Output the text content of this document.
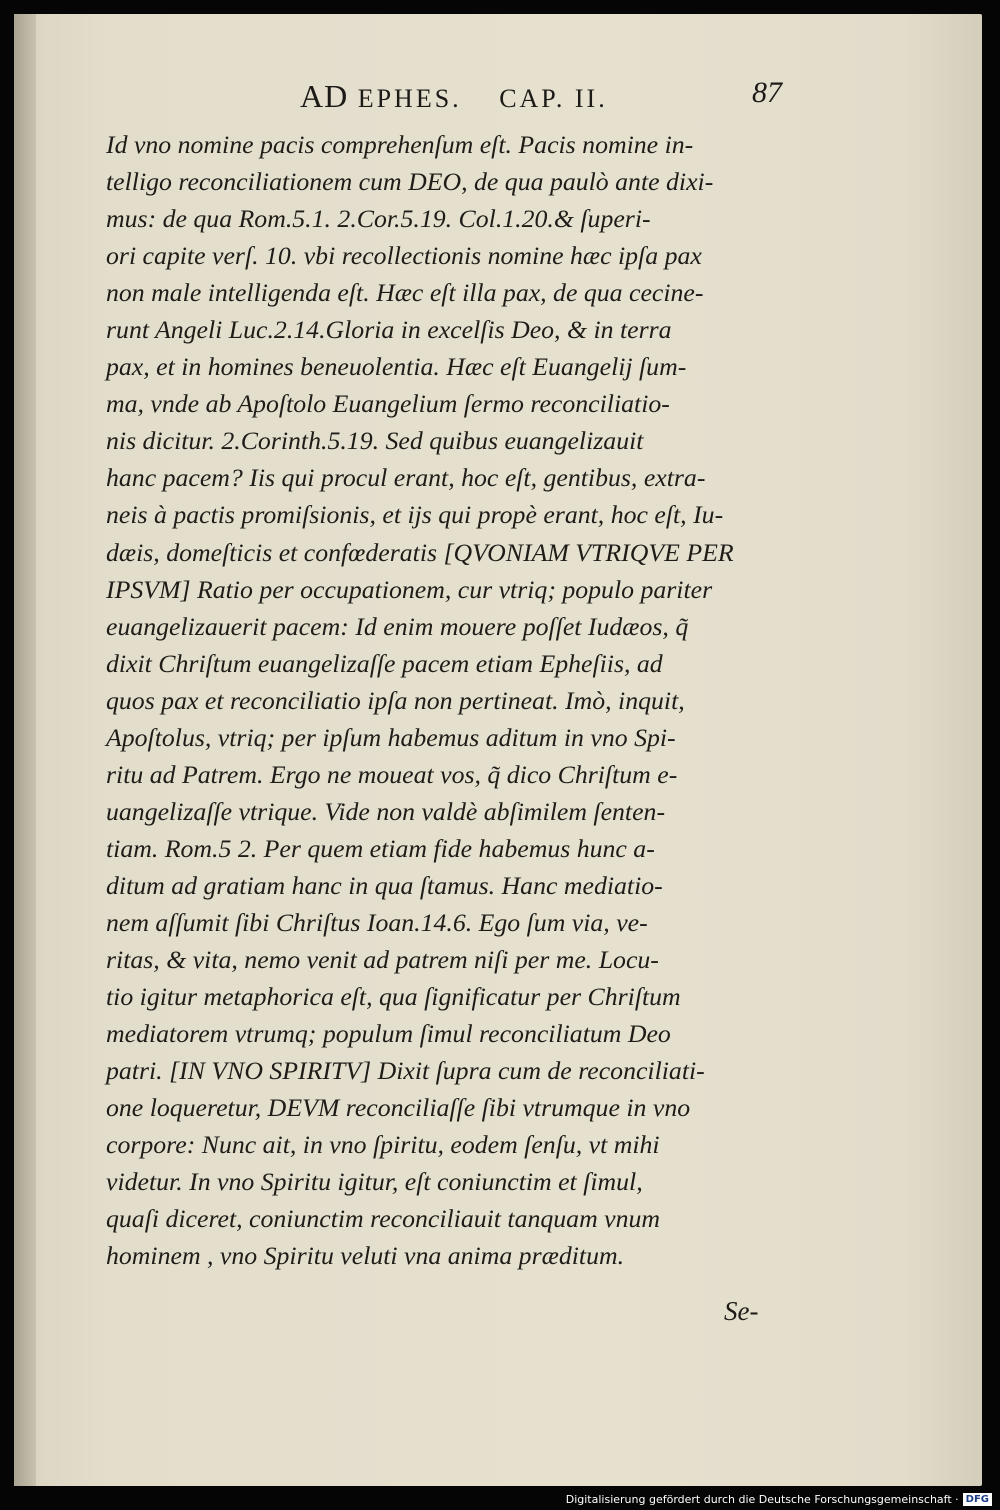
AD EPHES. CAP. II.	87
Id vno nomine pacis comprehenſum eſt. Pacis nomine in-
telligo reconciliationem cum DEO, de qua paulò ante dixi-
mus: de qua Rom.5.1. 2.Cor.5.19. Col.1.20.& ſuperi-
ori capite verſ. 10. vbi recollectionis nomine hæc ipſa pax
non male intelligenda eſt. Hæc eſt illa pax, de qua cecine-
runt Angeli Luc.2.14.Gloria in excelſis Deo, & in terra
pax, et in homines beneuolentia. Hæc eſt Euangelij ſum-
ma, vnde ab Apoſtolo Euangelium ſermo reconciliatio-
nis dicitur. 2.Corinth.5.19. Sed quibus euangelizauit
hanc pacem? Iis qui procul erant, hoc eſt, gentibus, extra-
neis à pactis promiſsionis, et ijs qui propè erant, hoc eſt, Iu-
dæis, domeſticis et confœderatis [QVONIAM VTRIQVE PER
IPSVM] Ratio per occupationem, cur vtriq; populo pariter
euangelizauerit pacem: Id enim mouere poſſet Iudæos, q̃
dixit Chriſtum euangelizaſſe pacem etiam Epheſiis, ad
quos pax et reconciliatio ipſa non pertineat. Imò, inquit,
Apoſtolus, vtriq; per ipſum habemus aditum in vno Spi-
ritu ad Patrem. Ergo ne moueat vos, q̃ dico Chriſtum e-
uangelizaſſe vtrique. Vide non valdè abſimilem ſenten-
tiam. Rom.5 2. Per quem etiam fide habemus hunc a-
ditum ad gratiam hanc in qua ſtamus. Hanc mediatio-
nem aſſumit ſibi Chriſtus Ioan.14.6. Ego ſum via, ve-
ritas, & vita, nemo venit ad patrem niſi per me. Locu-
tio igitur metaphorica eſt, qua ſignificatur per Chriſtum
mediatorem vtrumq; populum ſimul reconciliatum Deo
patri. [IN VNO SPIRITV] Dixit ſupra cum de reconciliati-
one loqueretur, DEVM reconciliaſſe ſibi vtrumque in vno
corpore: Nunc ait, in vno ſpiritu, eodem ſenſu, vt mihi
videtur. In vno Spiritu igitur, eſt coniunctim et ſimul,
quaſi diceret, coniunctim reconciliauit tanquam vnum
hominem , vno Spiritu veluti vna anima præditum.
Se-
Digitalisierung gefördert durch die Deutsche Forschungsgemeinschaft · DFG
